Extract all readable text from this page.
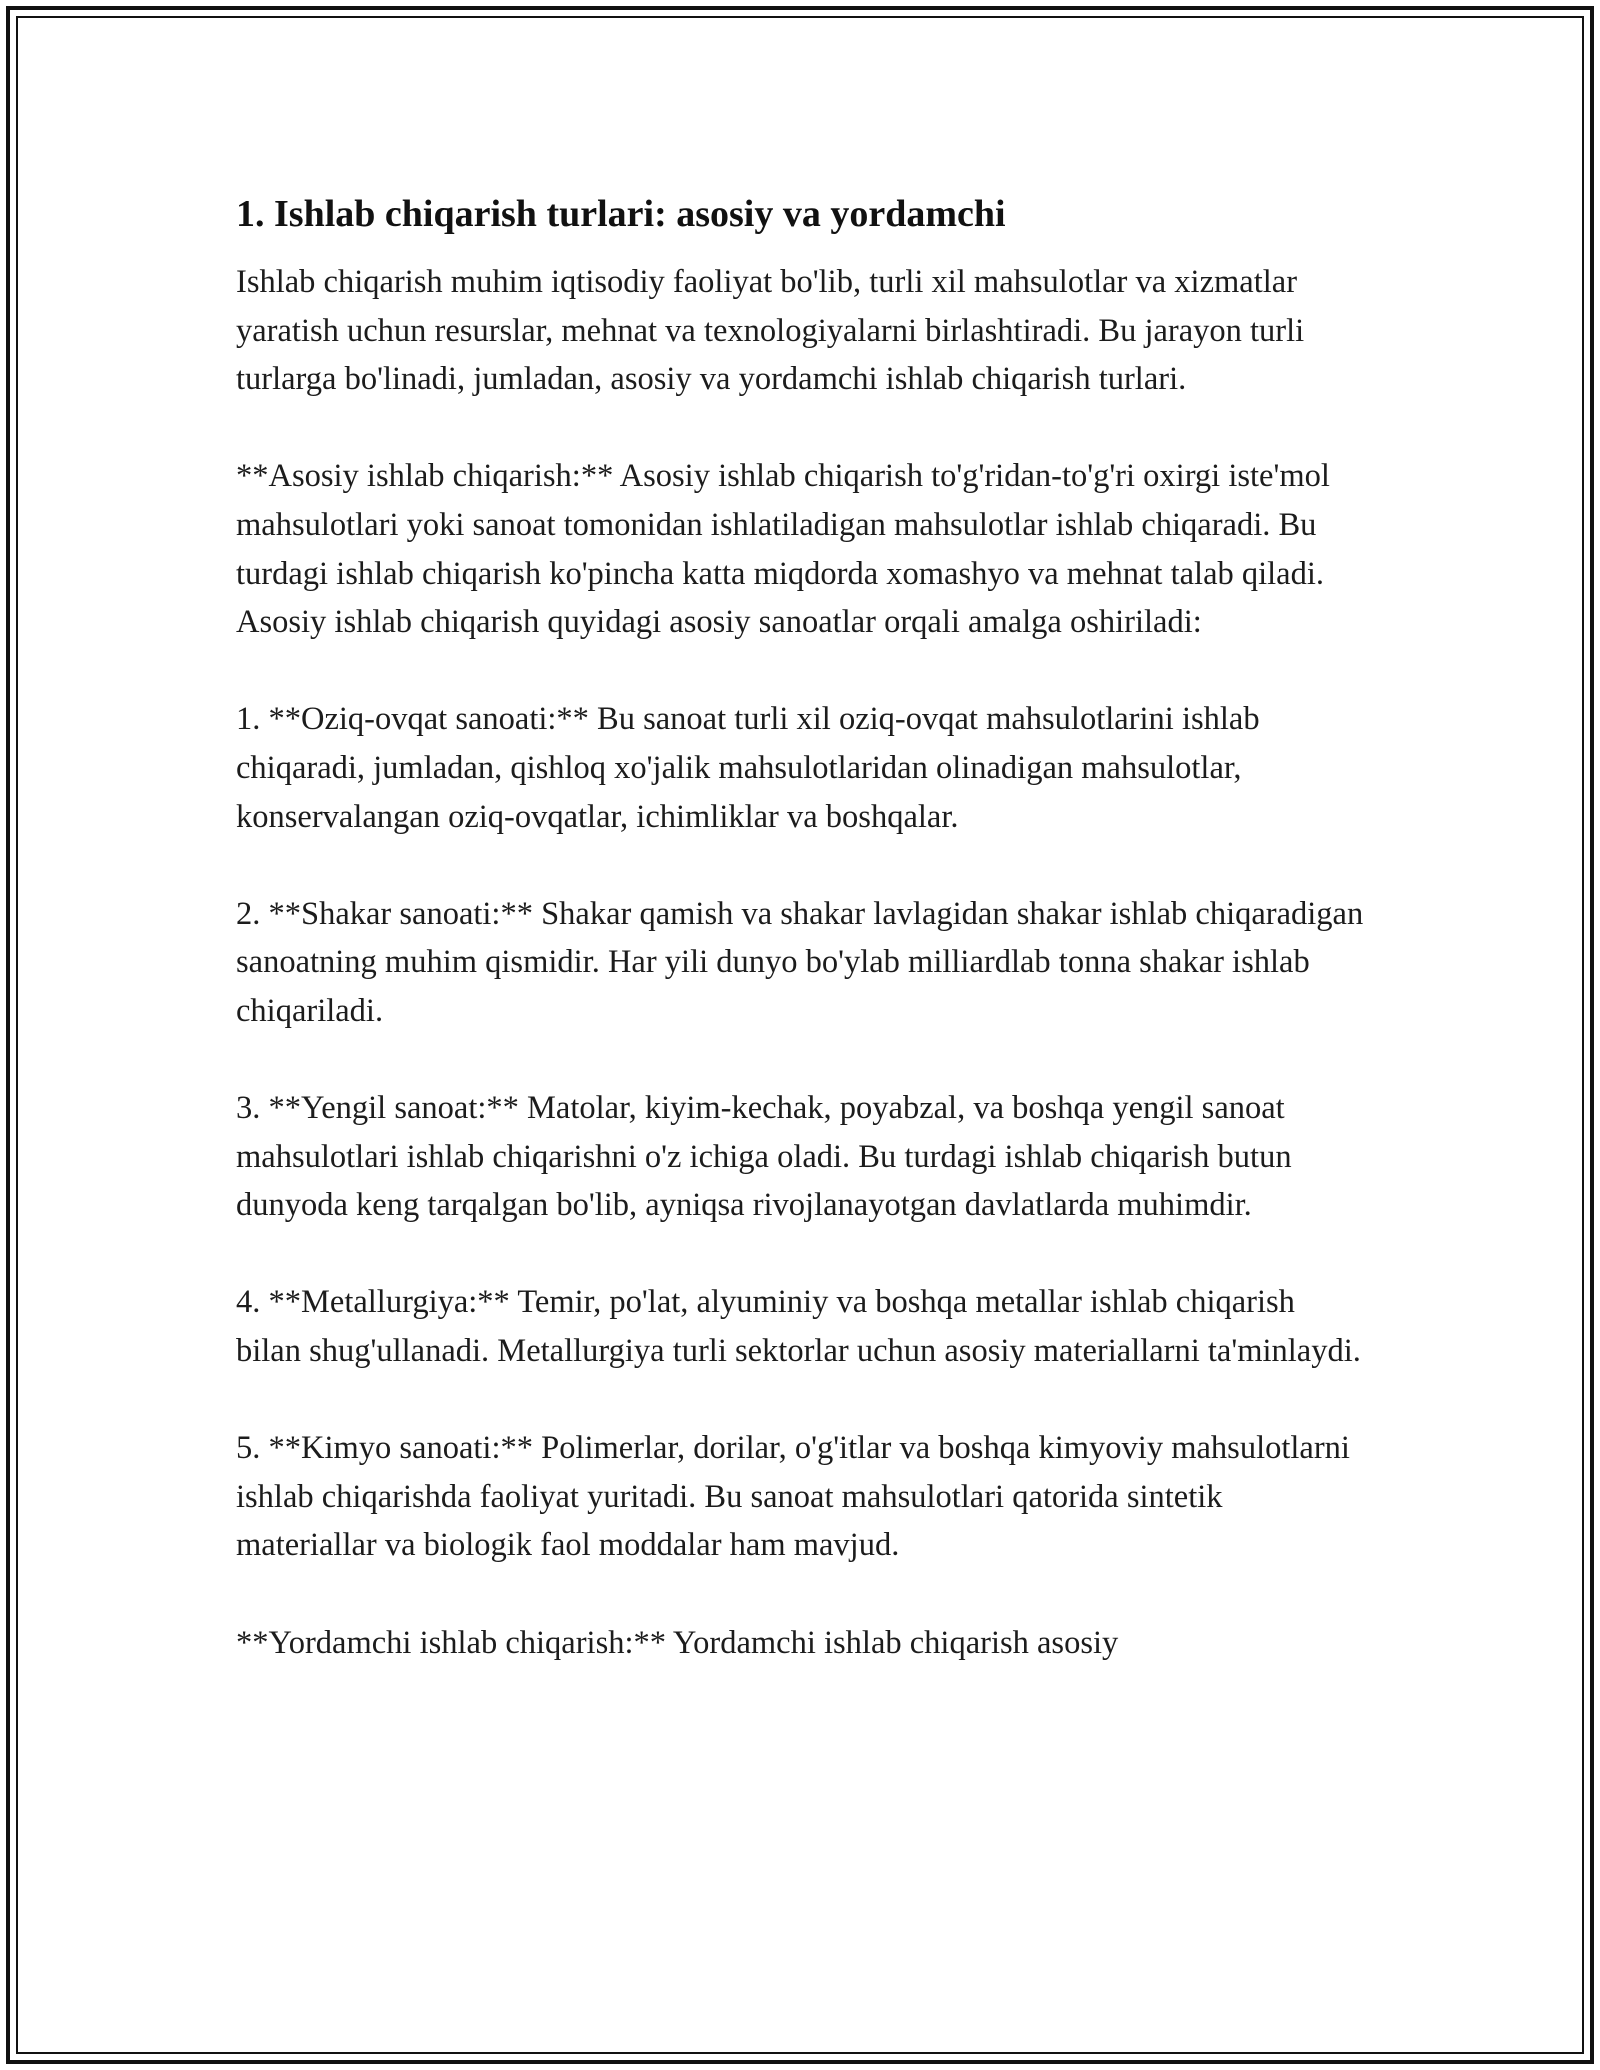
1. Ishlab chiqarish turlari: asosiy va yordamchi

Ishlab chiqarish muhim iqtisodiy faoliyat bo'lib, turli xil mahsulotlar va xizmatlar yaratish uchun resurslar, mehnat va texnologiyalarni birlashtiradi. Bu jarayon turli turlarga bo'linadi, jumladan, asosiy va yordamchi ishlab chiqarish turlari.

**Asosiy ishlab chiqarish:** Asosiy ishlab chiqarish to'g'ridan-to'g'ri oxirgi iste'mol mahsulotlari yoki sanoat tomonidan ishlatiladigan mahsulotlar ishlab chiqaradi. Bu turdagi ishlab chiqarish ko'pincha katta miqdorda xomashyo va mehnat talab qiladi. Asosiy ishlab chiqarish quyidagi asosiy sanoatlar orqali amalga oshiriladi:

1. **Oziq-ovqat sanoati:** Bu sanoat turli xil oziq-ovqat mahsulotlarini ishlab chiqaradi, jumladan, qishloq xo'jalik mahsulotlaridan olinadigan mahsulotlar, konservalangan oziq-ovqatlar, ichimliklar va boshqalar.

2. **Shakar sanoati:** Shakar qamish va shakar lavlagidan shakar ishlab chiqaradigan sanoatning muhim qismidir. Har yili dunyo bo'ylab milliardlab tonna shakar ishlab chiqariladi.

3. **Yengil sanoat:** Matolar, kiyim-kechak, poyabzal, va boshqa yengil sanoat mahsulotlari ishlab chiqarishni o'z ichiga oladi. Bu turdagi ishlab chiqarish butun dunyoda keng tarqalgan bo'lib, ayniqsa rivojlanayotgan davlatlarda muhimdir.

4. **Metallurgiya:** Temir, po'lat, alyuminiy va boshqa metallar ishlab chiqarish bilan shug'ullanadi. Metallurgiya turli sektorlar uchun asosiy materiallarni ta'minlaydi.

5. **Kimyo sanoati:** Polimerlar, dorilar, o'g'itlar va boshqa kimyoviy mahsulotlarni ishlab chiqarishda faoliyat yuritadi. Bu sanoat mahsulotlari qatorida sintetik materiallar va biologik faol moddalar ham mavjud.

**Yordamchi ishlab chiqarish:** Yordamchi ishlab chiqarish asosiy
